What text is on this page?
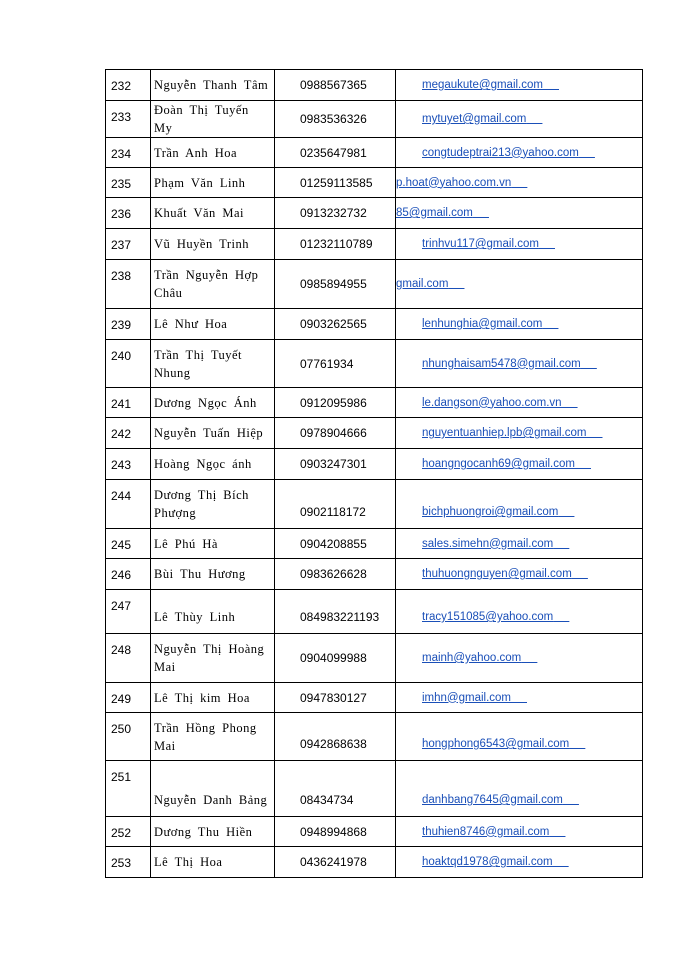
232	Nguyễn Thanh Tâm	0988567365	megaukute@gmail.com
233	Đoàn Thị Tuyến My	0983536326	mytuyet@gmail.com
234	Trần Anh Hoa	0235647981	congtudeptrai213@yahoo.com
235	Phạm Văn Linh	01259113585	p.hoat@yahoo.com.vn
236	Khuất Văn Mai	0913232732	85@gmail.com
237	Vũ Huyền Trinh	01232110789	trinhvu117@gmail.com
238	Trần Nguyễn Hợp Châu	0985894955	gmail.com
239	Lê Như Hoa	0903262565	lenhunghia@gmail.com
240	Trần Thị Tuyết Nhung	07761934	nhunghaisam5478@gmail.com
241	Dương Ngọc Ánh	0912095986	le.dangson@yahoo.com.vn
242	Nguyễn Tuấn Hiệp	0978904666	nguyentuanhiep.lpb@gmail.com
243	Hoàng Ngọc ánh	0903247301	hoangngocanh69@gmail.com
244	Dương Thị Bích Phượng	0902118172	bichphuongroi@gmail.com
245	Lê Phú Hà	0904208855	sales.simehn@gmail.com
246	Bùi Thu Hương	0983626628	thuhuongnguyen@gmail.com
247	Lê Thùy Linh	084983221193	tracy151085@yahoo.com
248	Nguyễn Thị Hoàng Mai	0904099988	mainh@yahoo.com
249	Lê Thị kim Hoa	0947830127	imhn@gmail.com
250	Trần Hồng Phong Mai	0942868638	hongphong6543@gmail.com
251	Nguyễn Danh Bảng	08434734	danhbang7645@gmail.com
252	Dương Thu Hiền	0948994868	thuhien8746@gmail.com
253	Lê Thị Hoa	0436241978	hoaktqd1978@gmail.com
